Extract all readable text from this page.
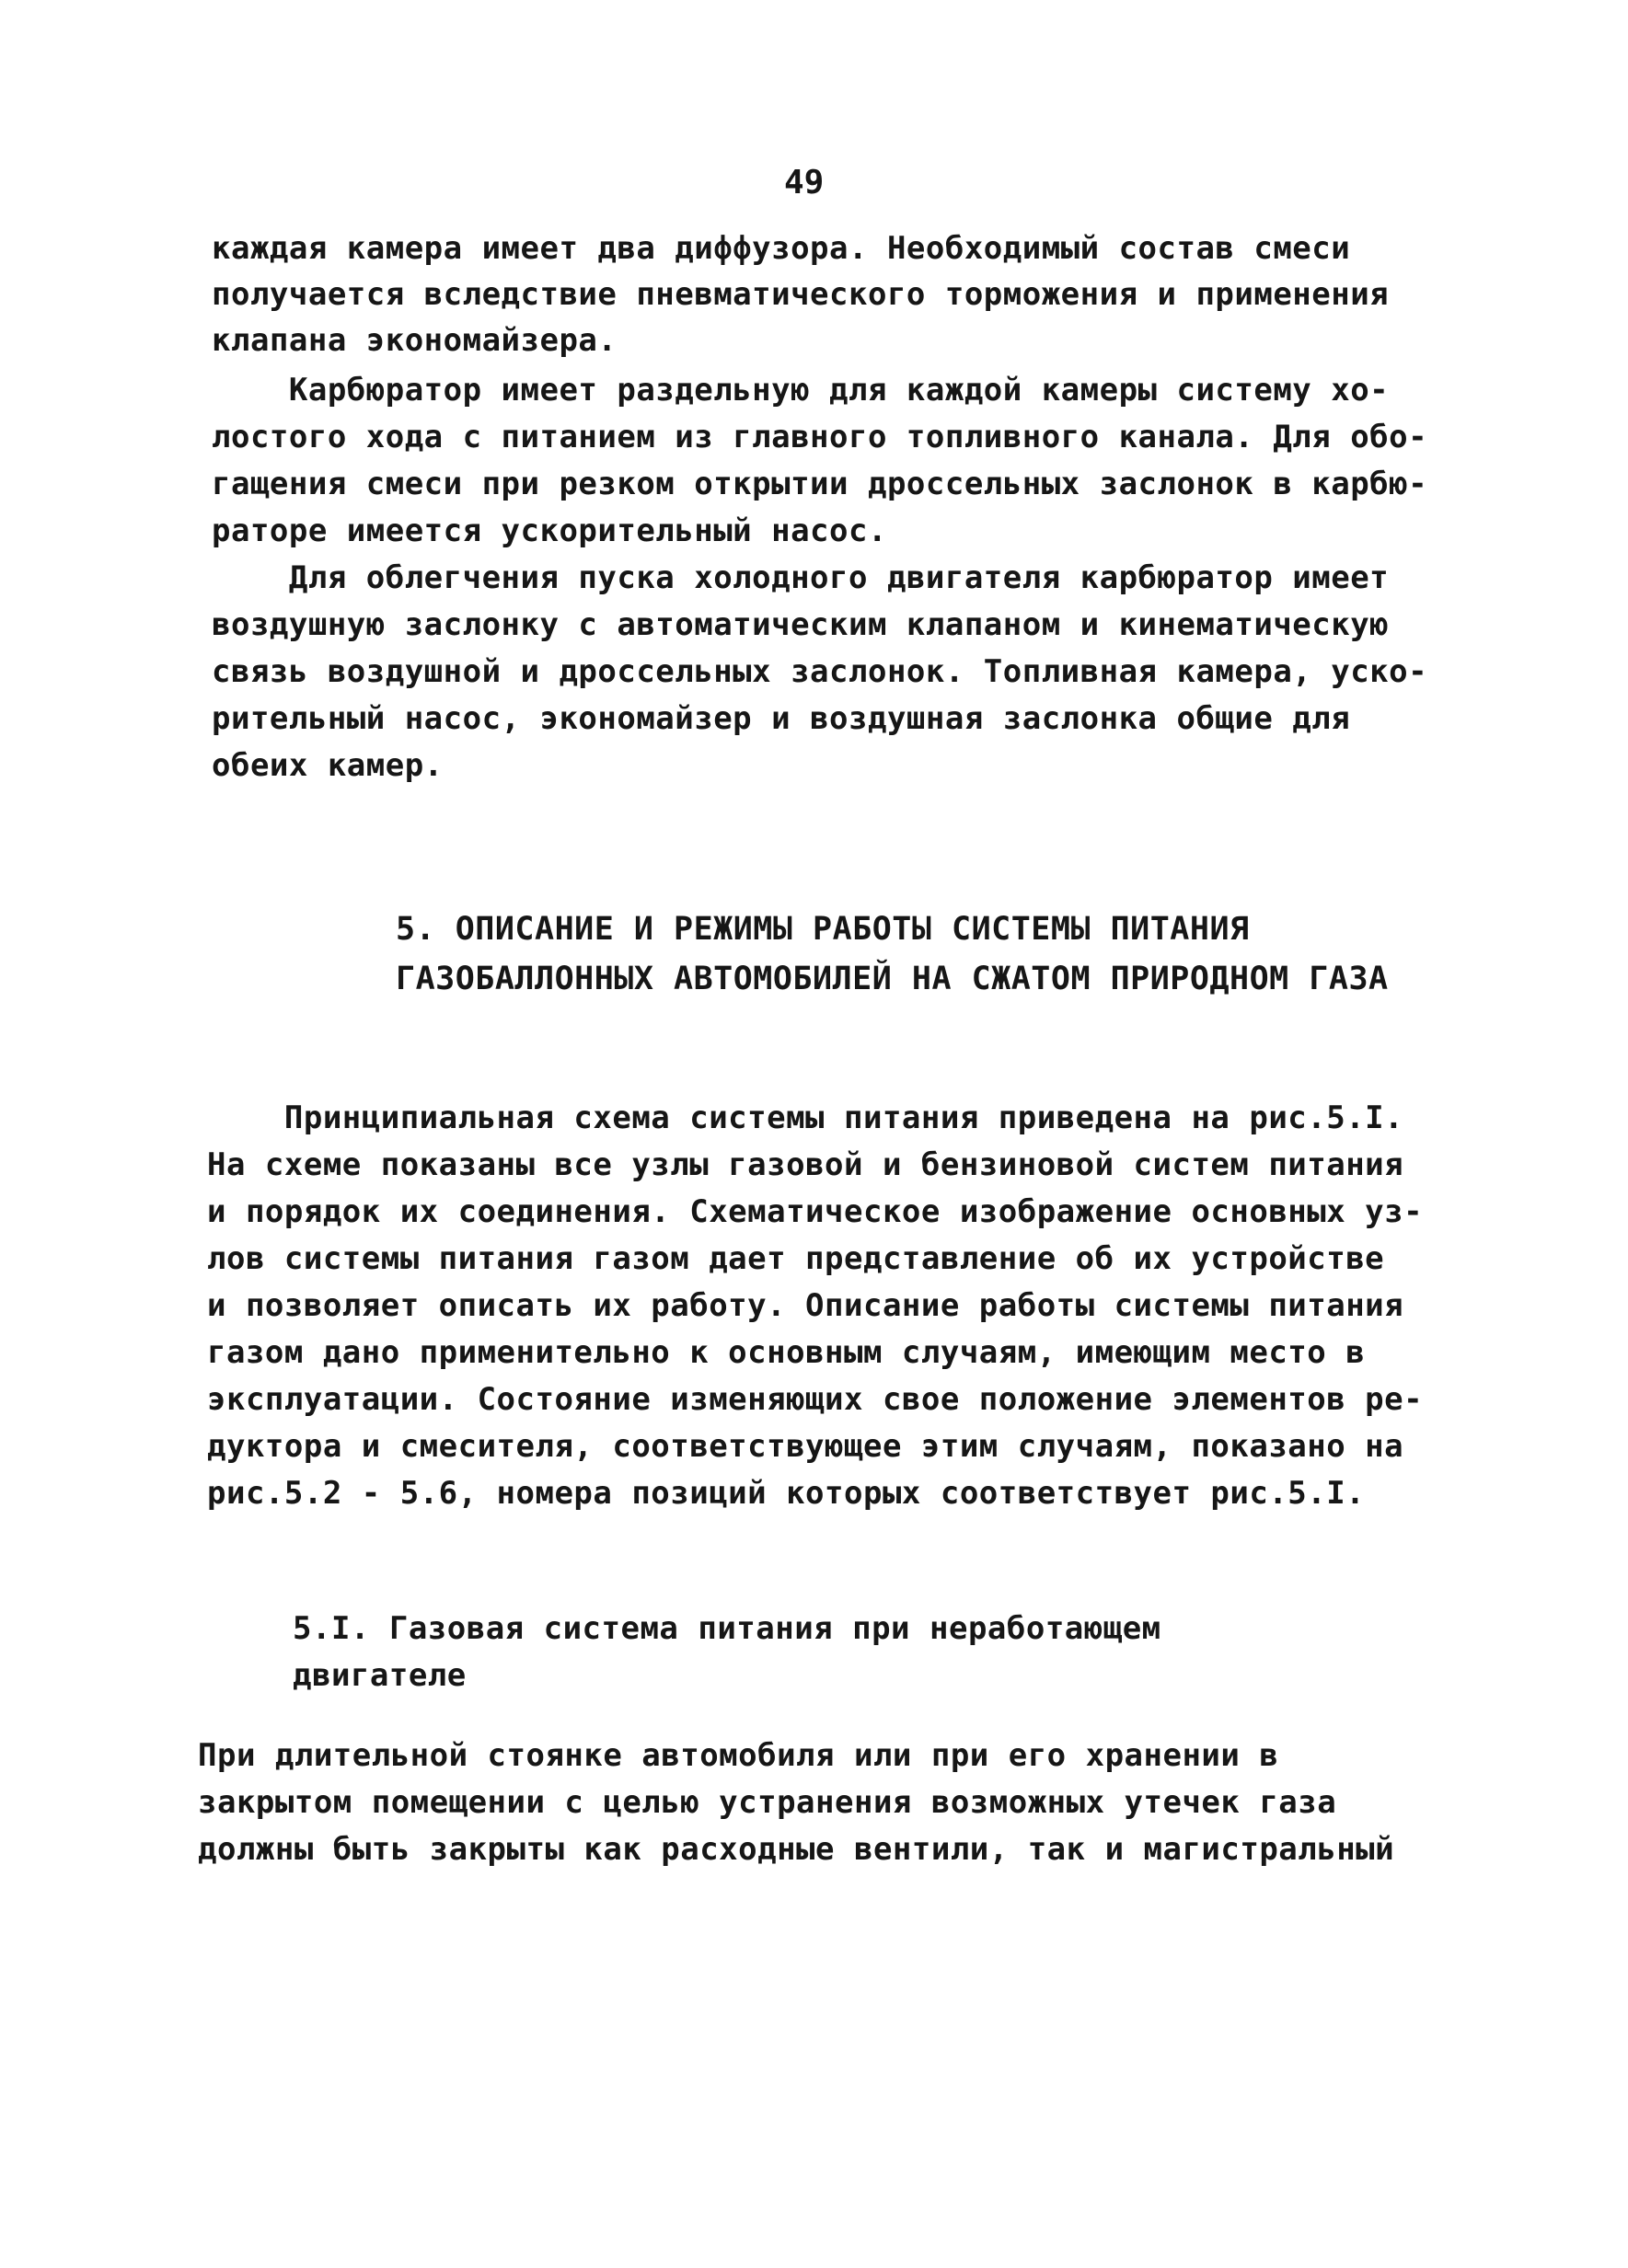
49
каждая камера имеет два диффузора. Необходимый состав смеси
получается вследствие пневматического торможения и применения
клапана экономайзера.
Карбюратор имеет раздельную для каждой камеры систему хо-
лостого хода с питанием из главного топливного канала. Для обо-
гащения смеси при резком открытии дроссельных заслонок в карбю-
раторе имеется ускорительный насос.
Для облегчения пуска холодного двигателя карбюратор имеет
воздушную заслонку с автоматическим клапаном и кинематическую
связь воздушной и дроссельных заслонок. Топливная камера, уско-
рительный насос, экономайзер и воздушная заслонка общие для
обеих камер.
5. ОПИСАНИЕ И РЕЖИМЫ РАБОТЫ СИСТЕМЫ ПИТАНИЯ
ГАЗОБАЛЛОННЫХ АВТОМОБИЛЕЙ НА СЖАТОМ ПРИРОДНОМ ГАЗА
Принципиальная схема системы питания приведена на рис.5.I.
На схеме показаны все узлы газовой и бензиновой систем питания
и порядок их соединения. Схематическое изображение основных уз-
лов системы питания газом дает представление об их устройстве
и позволяет описать их работу. Описание работы системы питания
газом дано применительно к основным случаям, имеющим место в
эксплуатации. Состояние изменяющих свое положение элементов ре-
дуктора и смесителя, соответствующее этим случаям, показано на
рис.5.2 - 5.6, номера позиций которых соответствует рис.5.I.
5.I. Газовая система питания при неработающем
двигателе
При длительной стоянке автомобиля или при его хранении в
закрытом помещении с целью устранения возможных утечек газа
должны быть закрыты как расходные вентили, так и магистральный
